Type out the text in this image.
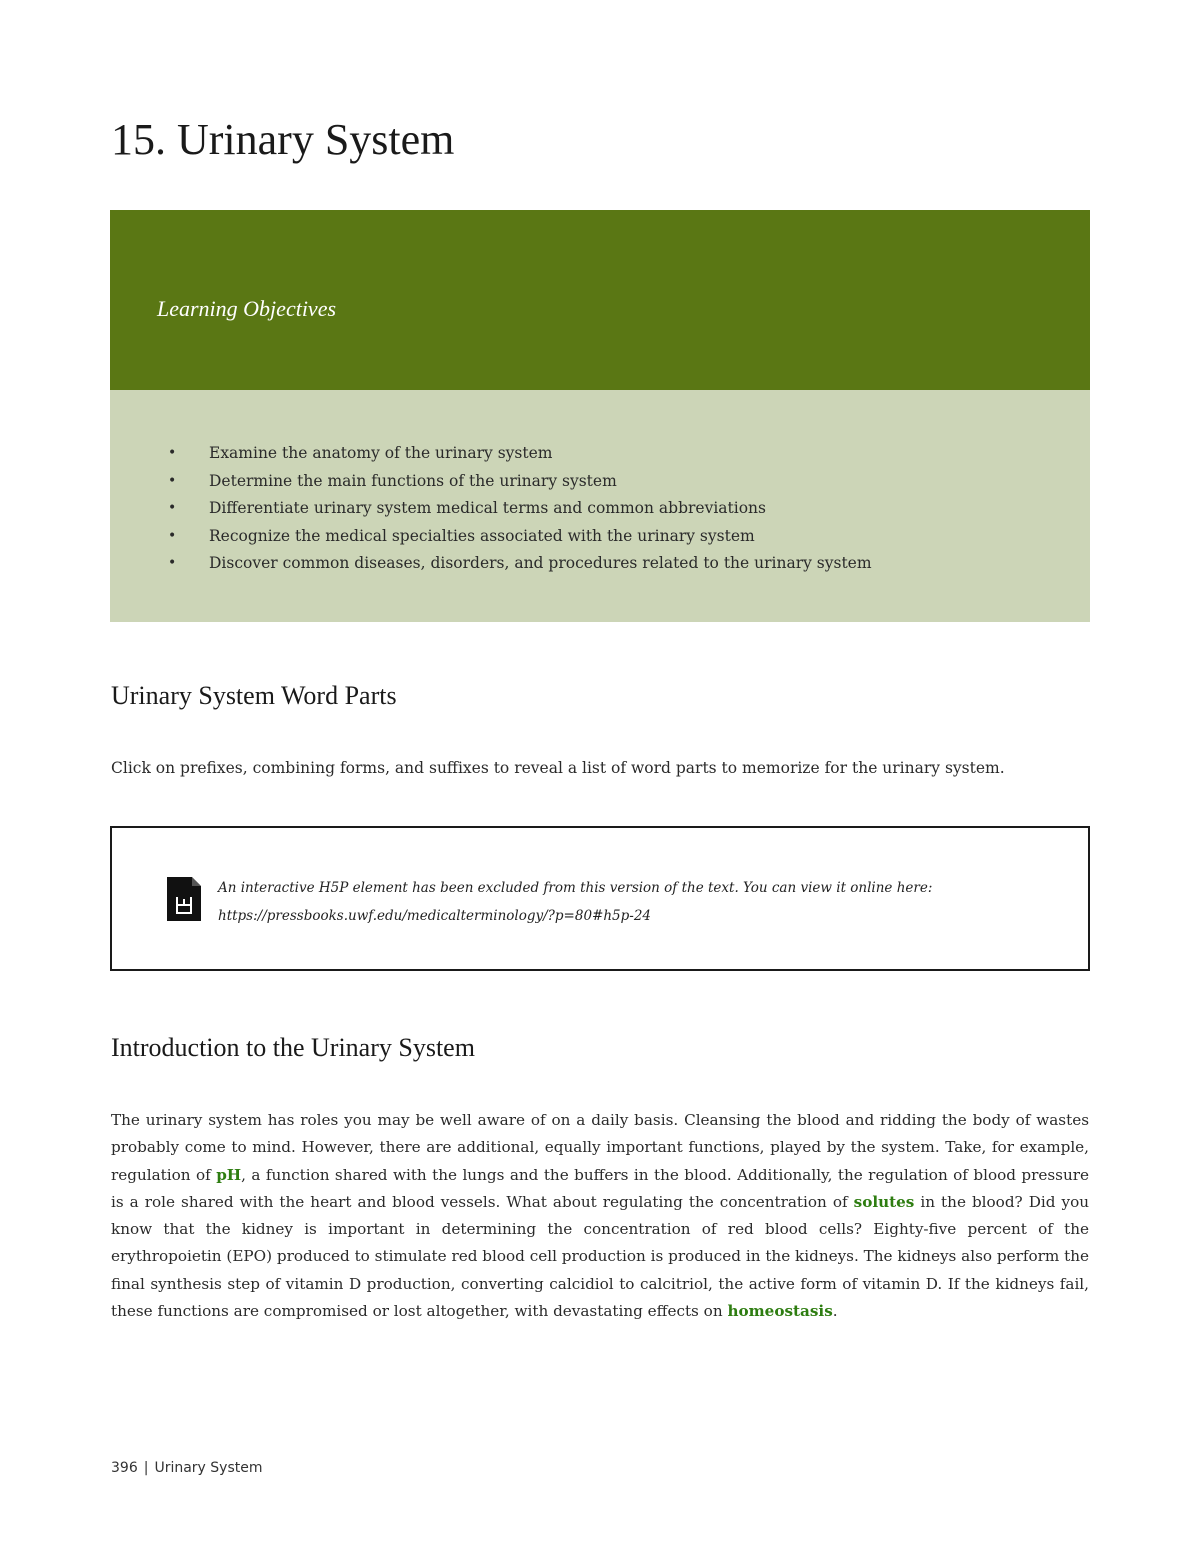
15. Urinary System
Learning Objectives
• Examine the anatomy of the urinary system
• Determine the main functions of the urinary system
• Differentiate urinary system medical terms and common abbreviations
• Recognize the medical specialties associated with the urinary system
• Discover common diseases, disorders, and procedures related to the urinary system
Urinary System Word Parts

Click on prefixes, combining forms, and suffixes to reveal a list of word parts to memorize for the urinary system.

An interactive H5P element has been excluded from this version of the text. You can view it online here:
https://pressbooks.uwf.edu/medicalterminology/?p=80#h5p-24
Introduction to the Urinary System

The urinary system has roles you may be well aware of on a daily basis. Cleansing the blood and ridding the body of wastes probably come to mind. However, there are additional, equally important functions, played by the system. Take, for example, regulation of pH, a function shared with the lungs and the buffers in the blood. Additionally, the regulation of blood pressure is a role shared with the heart and blood vessels. What about regulating the concentration of solutes in the blood? Did you know that the kidney is important in determining the concentration of red blood cells? Eighty-five percent of the erythropoietin (EPO) produced to stimulate red blood cell production is produced in the kidneys. The kidneys also perform the final synthesis step of vitamin D production, converting calcidiol to calcitriol, the active form of vitamin D. If the kidneys fail, these functions are compromised or lost altogether, with devastating effects on homeostasis.

396 | Urinary System
